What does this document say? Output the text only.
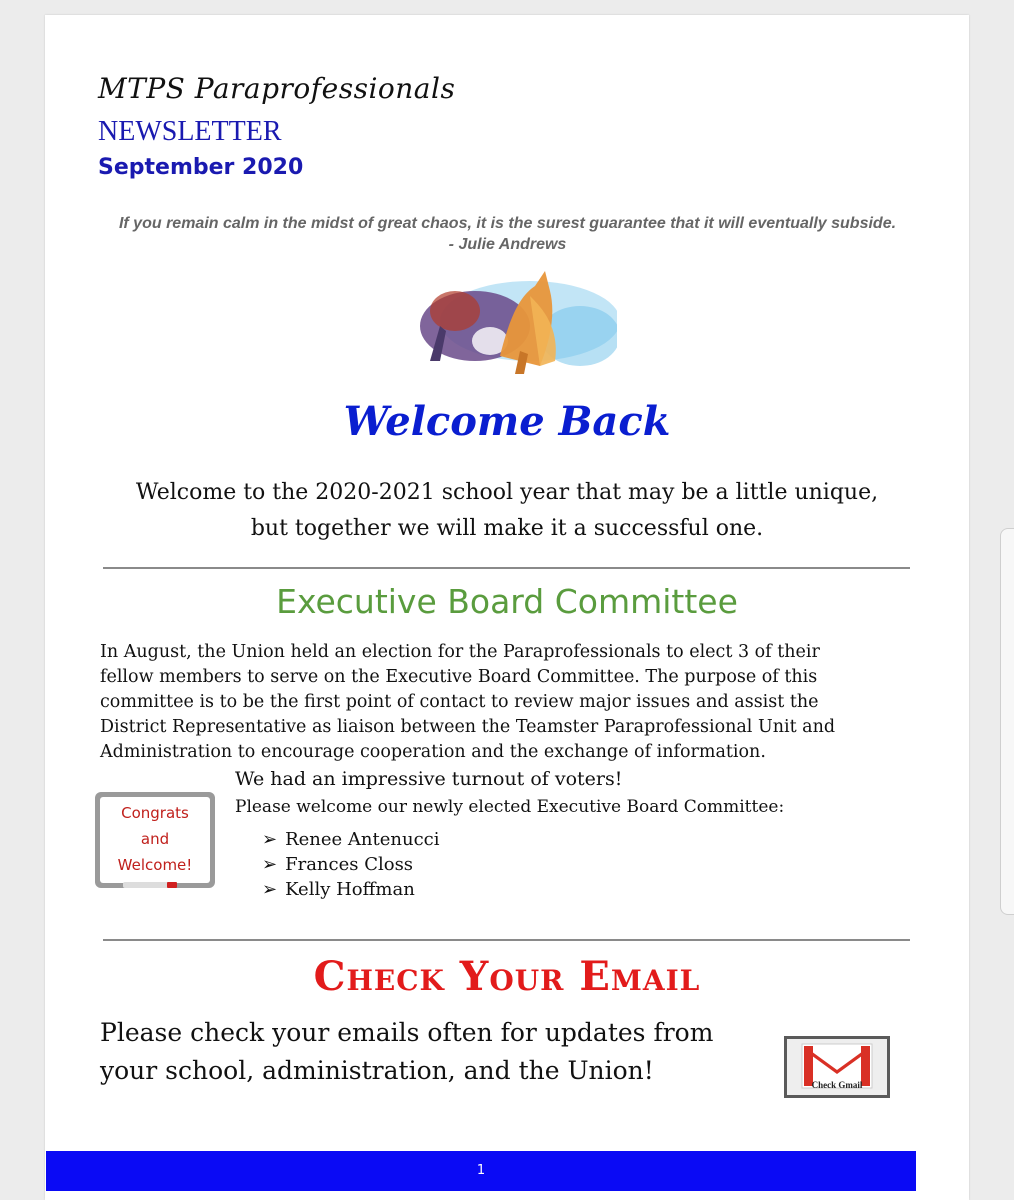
MTPS Paraprofessionals
NEWSLETTER
September 2020
If you remain calm in the midst of great chaos, it is the surest guarantee that it will eventually subside.
- Julie Andrews
Welcome Back
Welcome to the 2020-2021 school year that may be a little unique,
but together we will make it a successful one.
Executive Board Committee
In August, the Union held an election for the Paraprofessionals to elect 3 of their
fellow members to serve on the Executive Board Committee. The purpose of this
committee is to be the first point of contact to review major issues and assist the
District Representative as liaison between the Teamster Paraprofessional Unit and
Administration to encourage cooperation and the exchange of information.
We had an impressive turnout of voters!
Please welcome our newly elected Executive Board Committee:
➢ Renee Antenucci
➢ Frances Closs
➢ Kelly Hoffman
Congrats
and
Welcome!
Check Your Email
Please check your emails often for updates from
your school, administration, and the Union!	Check Gmail
1
